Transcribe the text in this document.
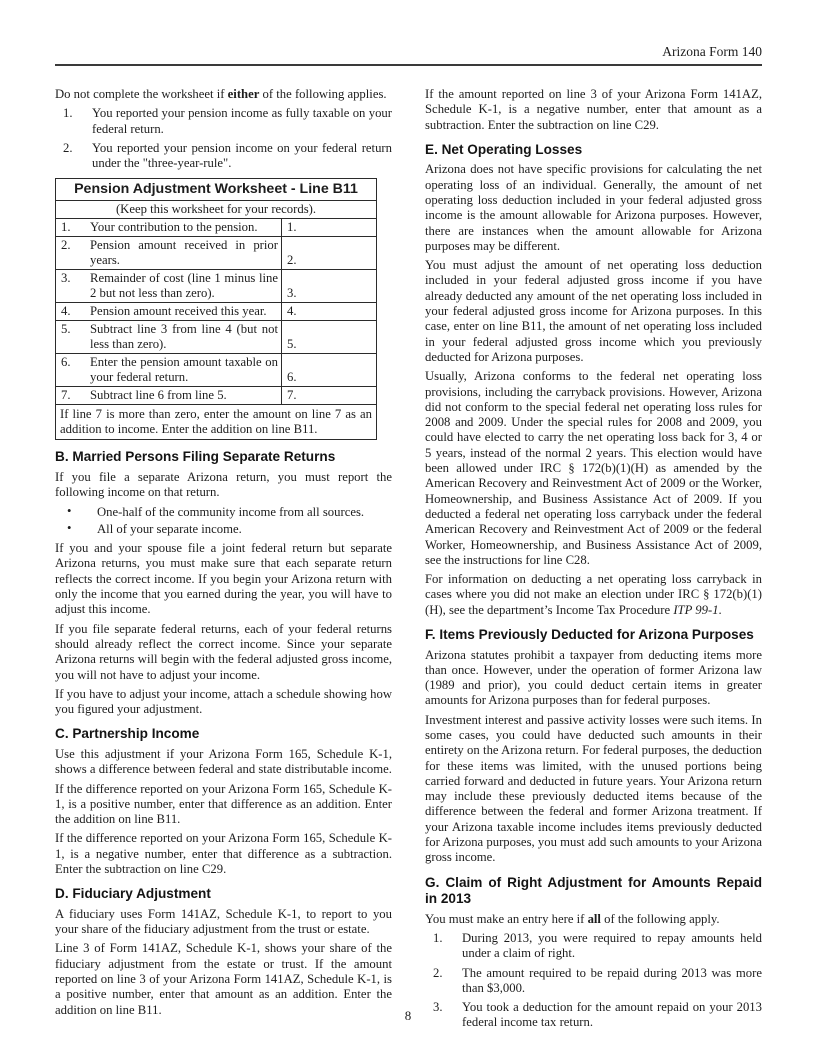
Arizona Form 140

Do not complete the worksheet if either of the following applies.

1. You reported your pension income as fully taxable on your federal return.
2. You reported your pension income on your federal return under the "three-year-rule".
Pension Adjustment Worksheet - Line B11	
(Keep this worksheet for your records).	

1. Your contribution to the pension.	1.

2. Pension amount received in prior years.	2.

3. Remainder of cost (line 1 minus line 2 but not less than zero).	3.

4. Pension amount received this year.	4.

5. Subtract line 3 from line 4 (but not less than zero).	5.

6. Enter the pension amount taxable on your federal return.	6.

7. Subtract line 6 from line 5.	7.
If line 7 is more than zero, enter the amount on line 7 as an addition to income. Enter the addition on line B11.	
B. Married Persons Filing Separate Returns

If you file a separate Arizona return, you must report the following income on that return.

• One-half of the community income from all sources.
• All of your separate income.

If you and your spouse file a joint federal return but separate Arizona returns, you must make sure that each separate return reflects the correct income. If you begin your Arizona return with only the income that you earned during the year, you will have to adjust this income.

If you file separate federal returns, each of your federal returns should already reflect the correct income. Since your separate Arizona returns will begin with the federal adjusted gross income, you will not have to adjust your income.

If you have to adjust your income, attach a schedule showing how you figured your adjustment.

C. Partnership Income

Use this adjustment if your Arizona Form 165, Schedule K-1, shows a difference between federal and state distributable income.

If the difference reported on your Arizona Form 165, Schedule K-1, is a positive number, enter that difference as an addition. Enter the addition on line B11.

If the difference reported on your Arizona Form 165, Schedule K-1, is a negative number, enter that difference as a subtraction. Enter the subtraction on line C29.

D. Fiduciary Adjustment

A fiduciary uses Form 141AZ, Schedule K-1, to report to you your share of the fiduciary adjustment from the trust or estate.

Line 3 of Form 141AZ, Schedule K-1, shows your share of the fiduciary adjustment from the estate or trust. If the amount reported on line 3 of your Arizona Form 141AZ, Schedule K-1, is a positive number, enter that amount as an addition. Enter the addition on line B11.

If the amount reported on line 3 of your Arizona Form 141AZ, Schedule K-1, is a negative number, enter that amount as a subtraction. Enter the subtraction on line C29.

E. Net Operating Losses

Arizona does not have specific provisions for calculating the net operating loss of an individual. Generally, the amount of net operating loss deduction included in your federal adjusted gross income is the amount allowable for Arizona purposes. However, there are instances when the amount allowable for Arizona purposes may be different.

You must adjust the amount of net operating loss deduction included in your federal adjusted gross income if you have already deducted any amount of the net operating loss included in your federal adjusted gross income for Arizona purposes. In this case, enter on line B11, the amount of net operating loss included in your federal adjusted gross income which you previously deducted for Arizona purposes.

Usually, Arizona conforms to the federal net operating loss provisions, including the carryback provisions. However, Arizona did not conform to the special federal net operating loss rules for 2008 and 2009. Under the special rules for 2008 and 2009, you could have elected to carry the net operating loss back for 3, 4 or 5 years, instead of the normal 2 years. This election would have been allowed under IRC § 172(b)(1)(H) as amended by the American Recovery and Reinvestment Act of 2009 or the Worker, Homeownership, and Business Assistance Act of 2009. If you deducted a federal net operating loss carryback under the federal American Recovery and Reinvestment Act of 2009 or the federal Worker, Homeownership, and Business Assistance Act of 2009, see the instructions for line C28.

For information on deducting a net operating loss carryback in cases where you did not make an election under IRC § 172(b)(1)(H), see the department’s Income Tax Procedure ITP 99-1.

F. Items Previously Deducted for Arizona Purposes

Arizona statutes prohibit a taxpayer from deducting items more than once. However, under the operation of former Arizona law (1989 and prior), you could deduct certain items in greater amounts for Arizona purposes than for federal purposes.

Investment interest and passive activity losses were such items. In some cases, you could have deducted such amounts in their entirety on the Arizona return. For federal purposes, the deduction for these items was limited, with the unused portions being carried forward and deducted in future years. Your Arizona return may include these previously deducted items because of the difference between the federal and former Arizona treatment. If your Arizona taxable income includes items previously deducted for Arizona purposes, you must add such amounts to your Arizona gross income.

G. Claim of Right Adjustment for Amounts Repaid in 2013

You must make an entry here if all of the following apply.

1. During 2013, you were required to repay amounts held under a claim of right.
2. The amount required to be repaid during 2013 was more than $3,000.
3. You took a deduction for the amount repaid on your 2013 federal income tax return.
8
